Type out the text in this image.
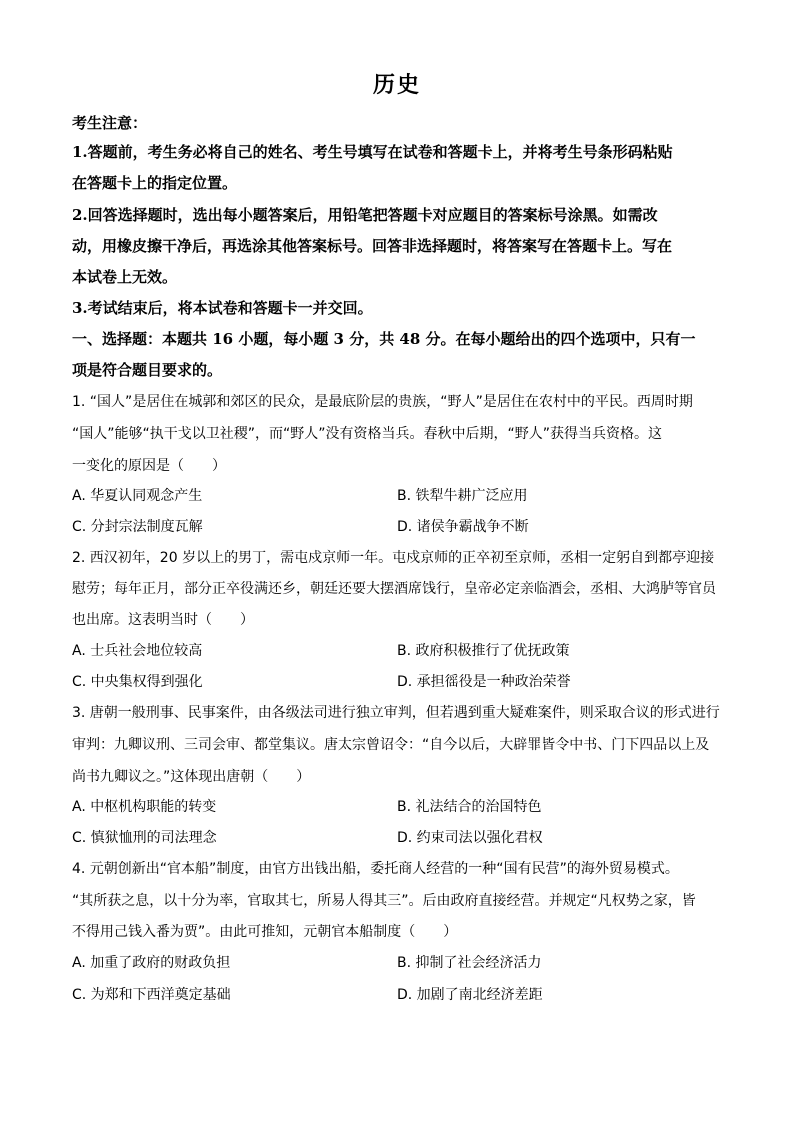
历史
考生注意：
1.答题前，考生务必将自己的姓名、考生号填写在试卷和答题卡上，并将考生号条形码粘贴
在答题卡上的指定位置。
2.回答选择题时，选出每小题答案后，用铅笔把答题卡对应题目的答案标号涂黑。如需改
动，用橡皮擦干净后，再选涂其他答案标号。回答非选择题时，将答案写在答题卡上。写在
本试卷上无效。
3.考试结束后，将本试卷和答题卡一并交回。
一、选择题：本题共 16 小题，每小题 3 分，共 48 分。在每小题给出的四个选项中，只有一
项是符合题目要求的。
1. “国人”是居住在城郭和郊区的民众，是最底阶层的贵族，“野人”是居住在农村中的平民。西周时期
“国人”能够“执干戈以卫社稷”，而“野人”没有资格当兵。春秋中后期，“野人”获得当兵资格。这
一变化的原因是（　　）
A. 华夏认同观念产生	B. 铁犁牛耕广泛应用
C. 分封宗法制度瓦解	D. 诸侯争霸战争不断
2. 西汉初年，20 岁以上的男丁，需屯戍京师一年。屯戍京师的正卒初至京师，丞相一定躬自到都亭迎接
慰劳；每年正月，部分正卒役满还乡，朝廷还要大摆酒席饯行，皇帝必定亲临酒会，丞相、大鸿胪等官员
也出席。这表明当时（　　）
A. 士兵社会地位较高	B. 政府积极推行了优抚政策
C. 中央集权得到强化	D. 承担徭役是一种政治荣誉
3. 唐朝一般刑事、民事案件，由各级法司进行独立审判，但若遇到重大疑难案件，则采取合议的形式进行
审判：九卿议刑、三司会审、都堂集议。唐太宗曾诏令：“自今以后，大辟罪皆令中书、门下四品以上及
尚书九卿议之。”这体现出唐朝（　　）
A. 中枢机构职能的转变	B. 礼法结合的治国特色
C. 慎狱恤刑的司法理念	D. 约束司法以强化君权
4. 元朝创新出“官本船”制度，由官方出钱出船，委托商人经营的一种“国有民营”的海外贸易模式。
“其所获之息，以十分为率，官取其七，所易人得其三”。后由政府直接经营。并规定“凡权势之家，皆
不得用己钱入番为贾”。由此可推知，元朝官本船制度（　　）
A. 加重了政府的财政负担	B. 抑制了社会经济活力
C. 为郑和下西洋奠定基础	D. 加剧了南北经济差距
